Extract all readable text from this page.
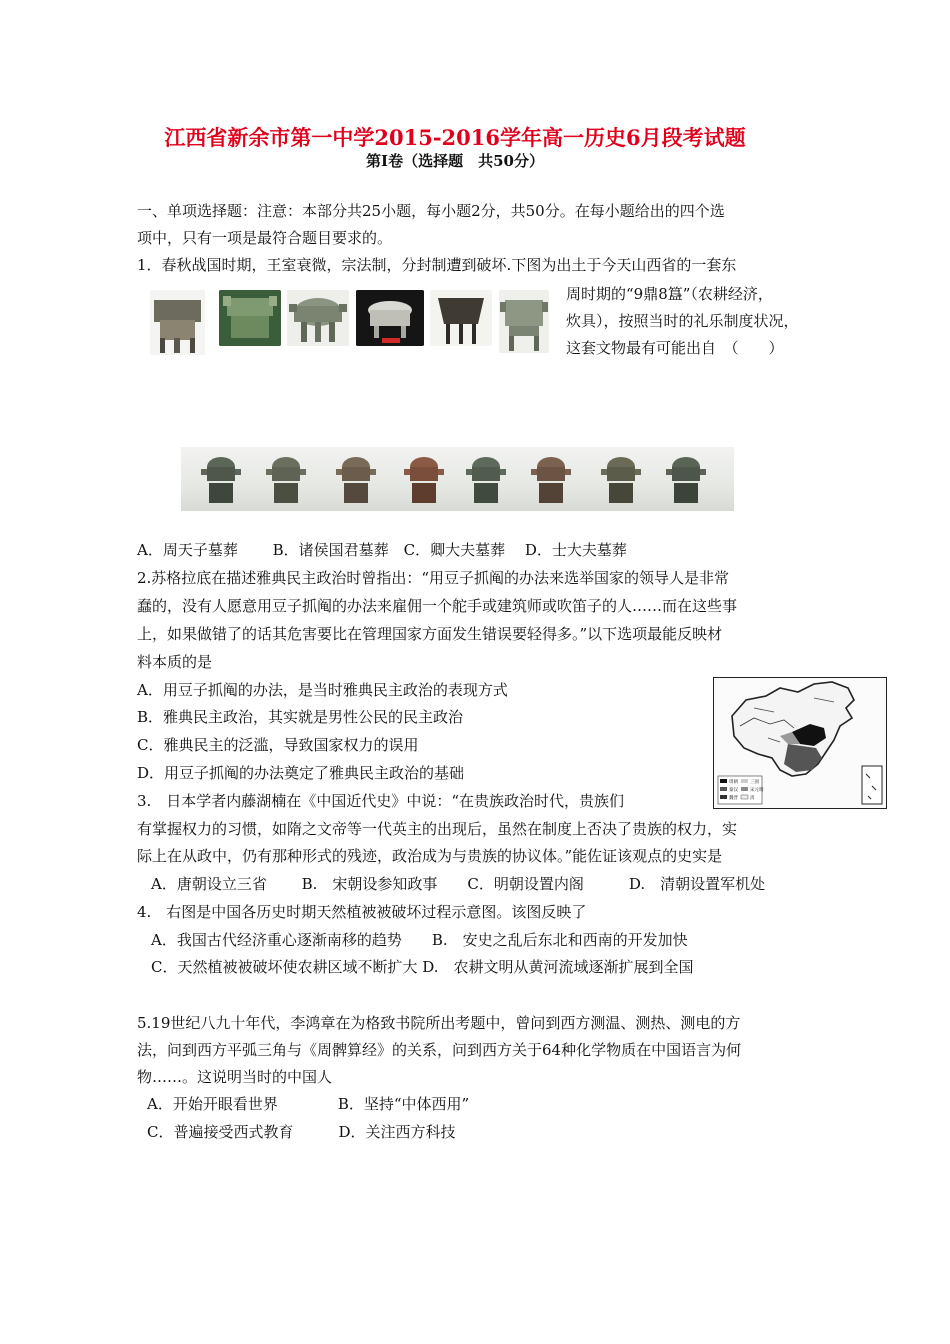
江西省新余市第一中学2015-2016学年高一历史6月段考试题
第Ⅰ卷（选择题　共50分）
一、单项选择题：注意：本部分共25小题，每小题2分，共50分。在每小题给出的四个选
项中，只有一项是最符合题目要求的。
1．春秋战国时期，王室衰微，宗法制，分封制遭到破坏.下图为出土于今天山西省的一套东
周时期的“9鼎8簋”（农耕经济，
炊具），按照当时的礼乐制度状况，
这套文物最有可能出自　（　　）
A．周天子墓葬　　 B．诸侯国君墓葬　C．卿大夫墓葬　 D．士大夫墓葬
2.苏格拉底在描述雅典民主政治时曾指出：“用豆子抓阄的办法来选举国家的领导人是非常
蠢的，没有人愿意用豆子抓阄的办法来雇佣一个舵手或建筑师或吹笛子的人……而在这些事
上，如果做错了的话其危害要比在管理国家方面发生错误要轻得多。”以下选项最能反映材
料本质的是
A．用豆子抓阄的办法，是当时雅典民主政治的表现方式
B．雅典民主政治，其实就是男性公民的民主政治
C．雅典民主的泛滥，导致国家权力的误用
D．用豆子抓阄的办法奠定了雅典民主政治的基础
周朝	三国
秦汉	宋元明
魏晋	清
3.　日本学者内藤湖楠在《中国近代史》中说：“在贵族政治时代，贵族们
有掌握权力的习惯，如隋之文帝等一代英主的出现后，虽然在制度上否决了贵族的权力，实
际上在从政中，仍有那种形式的残迹，政治成为与贵族的协议体。”能佐证该观点的史实是
A．唐朝设立三省　　 B.　宋朝设参知政事　　C．明朝设置内阁　　　D.　清朝设置军机处
4.　右图是中国各历史时期天然植被被破坏过程示意图。该图反映了
A．我国古代经济重心逐渐南移的趋势　　B.　安史之乱后东北和西南的开发加快
C．天然植被被破坏使农耕区域不断扩大 D.　农耕文明从黄河流域逐渐扩展到全国
5.19世纪八九十年代，李鸿章在为格致书院所出考题中，曾问到西方测温、测热、测电的方
法，问到西方平弧三角与《周髀算经》的关系，问到西方关于64种化学物质在中国语言为何
物……。这说明当时的中国人
A．开始开眼看世界　　　　B．坚持“中体西用”
C．普遍接受西式教育　　　D．关注西方科技
